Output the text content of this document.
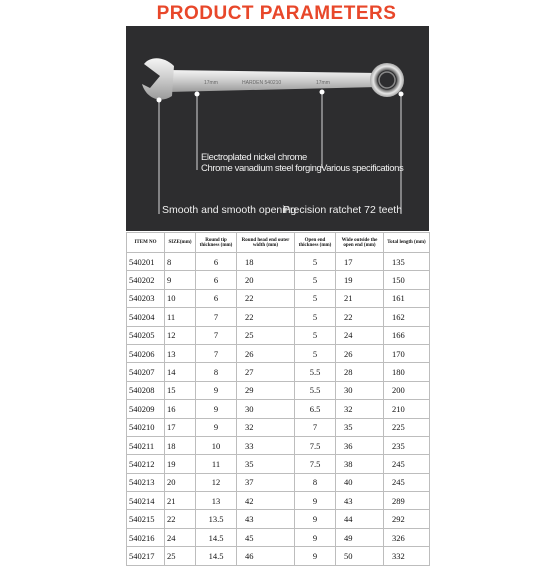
PRODUCT PARAMETERS
17mm	HARDEN 540210	17mm
Electroplated nickel chrome
Chrome vanadium steel forging Various specifications
Smooth and smooth opening
Precision ratchet 72 teeth
ITEM NO	SIZE(mm)	Round tip thickness (mm)	Round head end outer width (mm)	Open end thickness (mm)	Wide outside the open end (mm)	Total length (mm)
540201	8	6	18	5	17	135
540202	9	6	20	5	19	150
540203	10	6	22	5	21	161
540204	11	7	22	5	22	162
540205	12	7	25	5	24	166
540206	13	7	26	5	26	170
540207	14	8	27	5.5	28	180
540208	15	9	29	5.5	30	200
540209	16	9	30	6.5	32	210
540210	17	9	32	7	35	225
540211	18	10	33	7.5	36	235
540212	19	11	35	7.5	38	245
540213	20	12	37	8	40	245
540214	21	13	42	9	43	289
540215	22	13.5	43	9	44	292
540216	24	14.5	45	9	49	326
540217	25	14.5	46	9	50	332
